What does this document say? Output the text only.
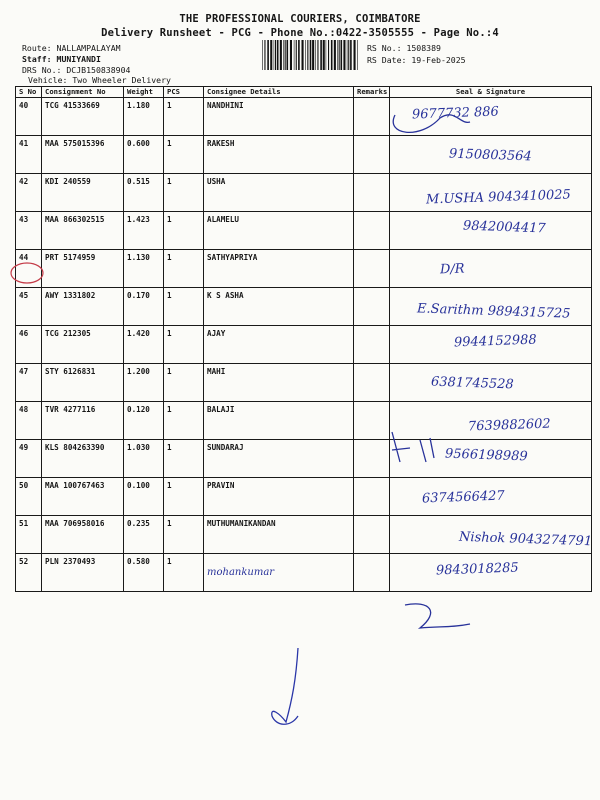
THE PROFESSIONAL COURIERS, COIMBATORE
Delivery Runsheet - PCG - Phone No.:0422-3505555 - Page No.:4
Route: NALLAMPALAYAM
Staff: MUNIYANDI
DRS No.: DCJB150838904
Vehicle: Two Wheeler Delivery
RS No.: 1508389
RS Date: 19-Feb-2025
S No	Consignment No	Weight	PCS	Consignee Details	Remarks	Seal & Signature
40	TCG 41533669	1.180	1	NANDHINI		9677732 886

41	MAA 575015396	0.600	1	RAKESH		9150803564

42	KDI 240559	0.515	1	USHA		M.USHA 9043410025

43	MAA 866302515	1.423	1	ALAMELU		9842004417

44	PRT 5174959	1.130	1	SATHYAPRIYA		D/R

45	AWY 1331802	0.170	1	K S ASHA		E.Sarithm 9894315725

46	TCG 212305	1.420	1	AJAY		9944152988

47	STY 6126831	1.200	1	MAHI		6381745528

48	TVR 4277116	0.120	1	BALAJI		7639882602

49	KLS 804263390	1.030	1	SUNDARAJ		9566198989

50	MAA 100767463	0.100	1	PRAVIN		6374566427

51	MAA 706958016	0.235	1	MUTHUMANIKANDAN		Nishok 9043274791

52	PLN 2370493	0.580	1	mohankumar		9843018285
